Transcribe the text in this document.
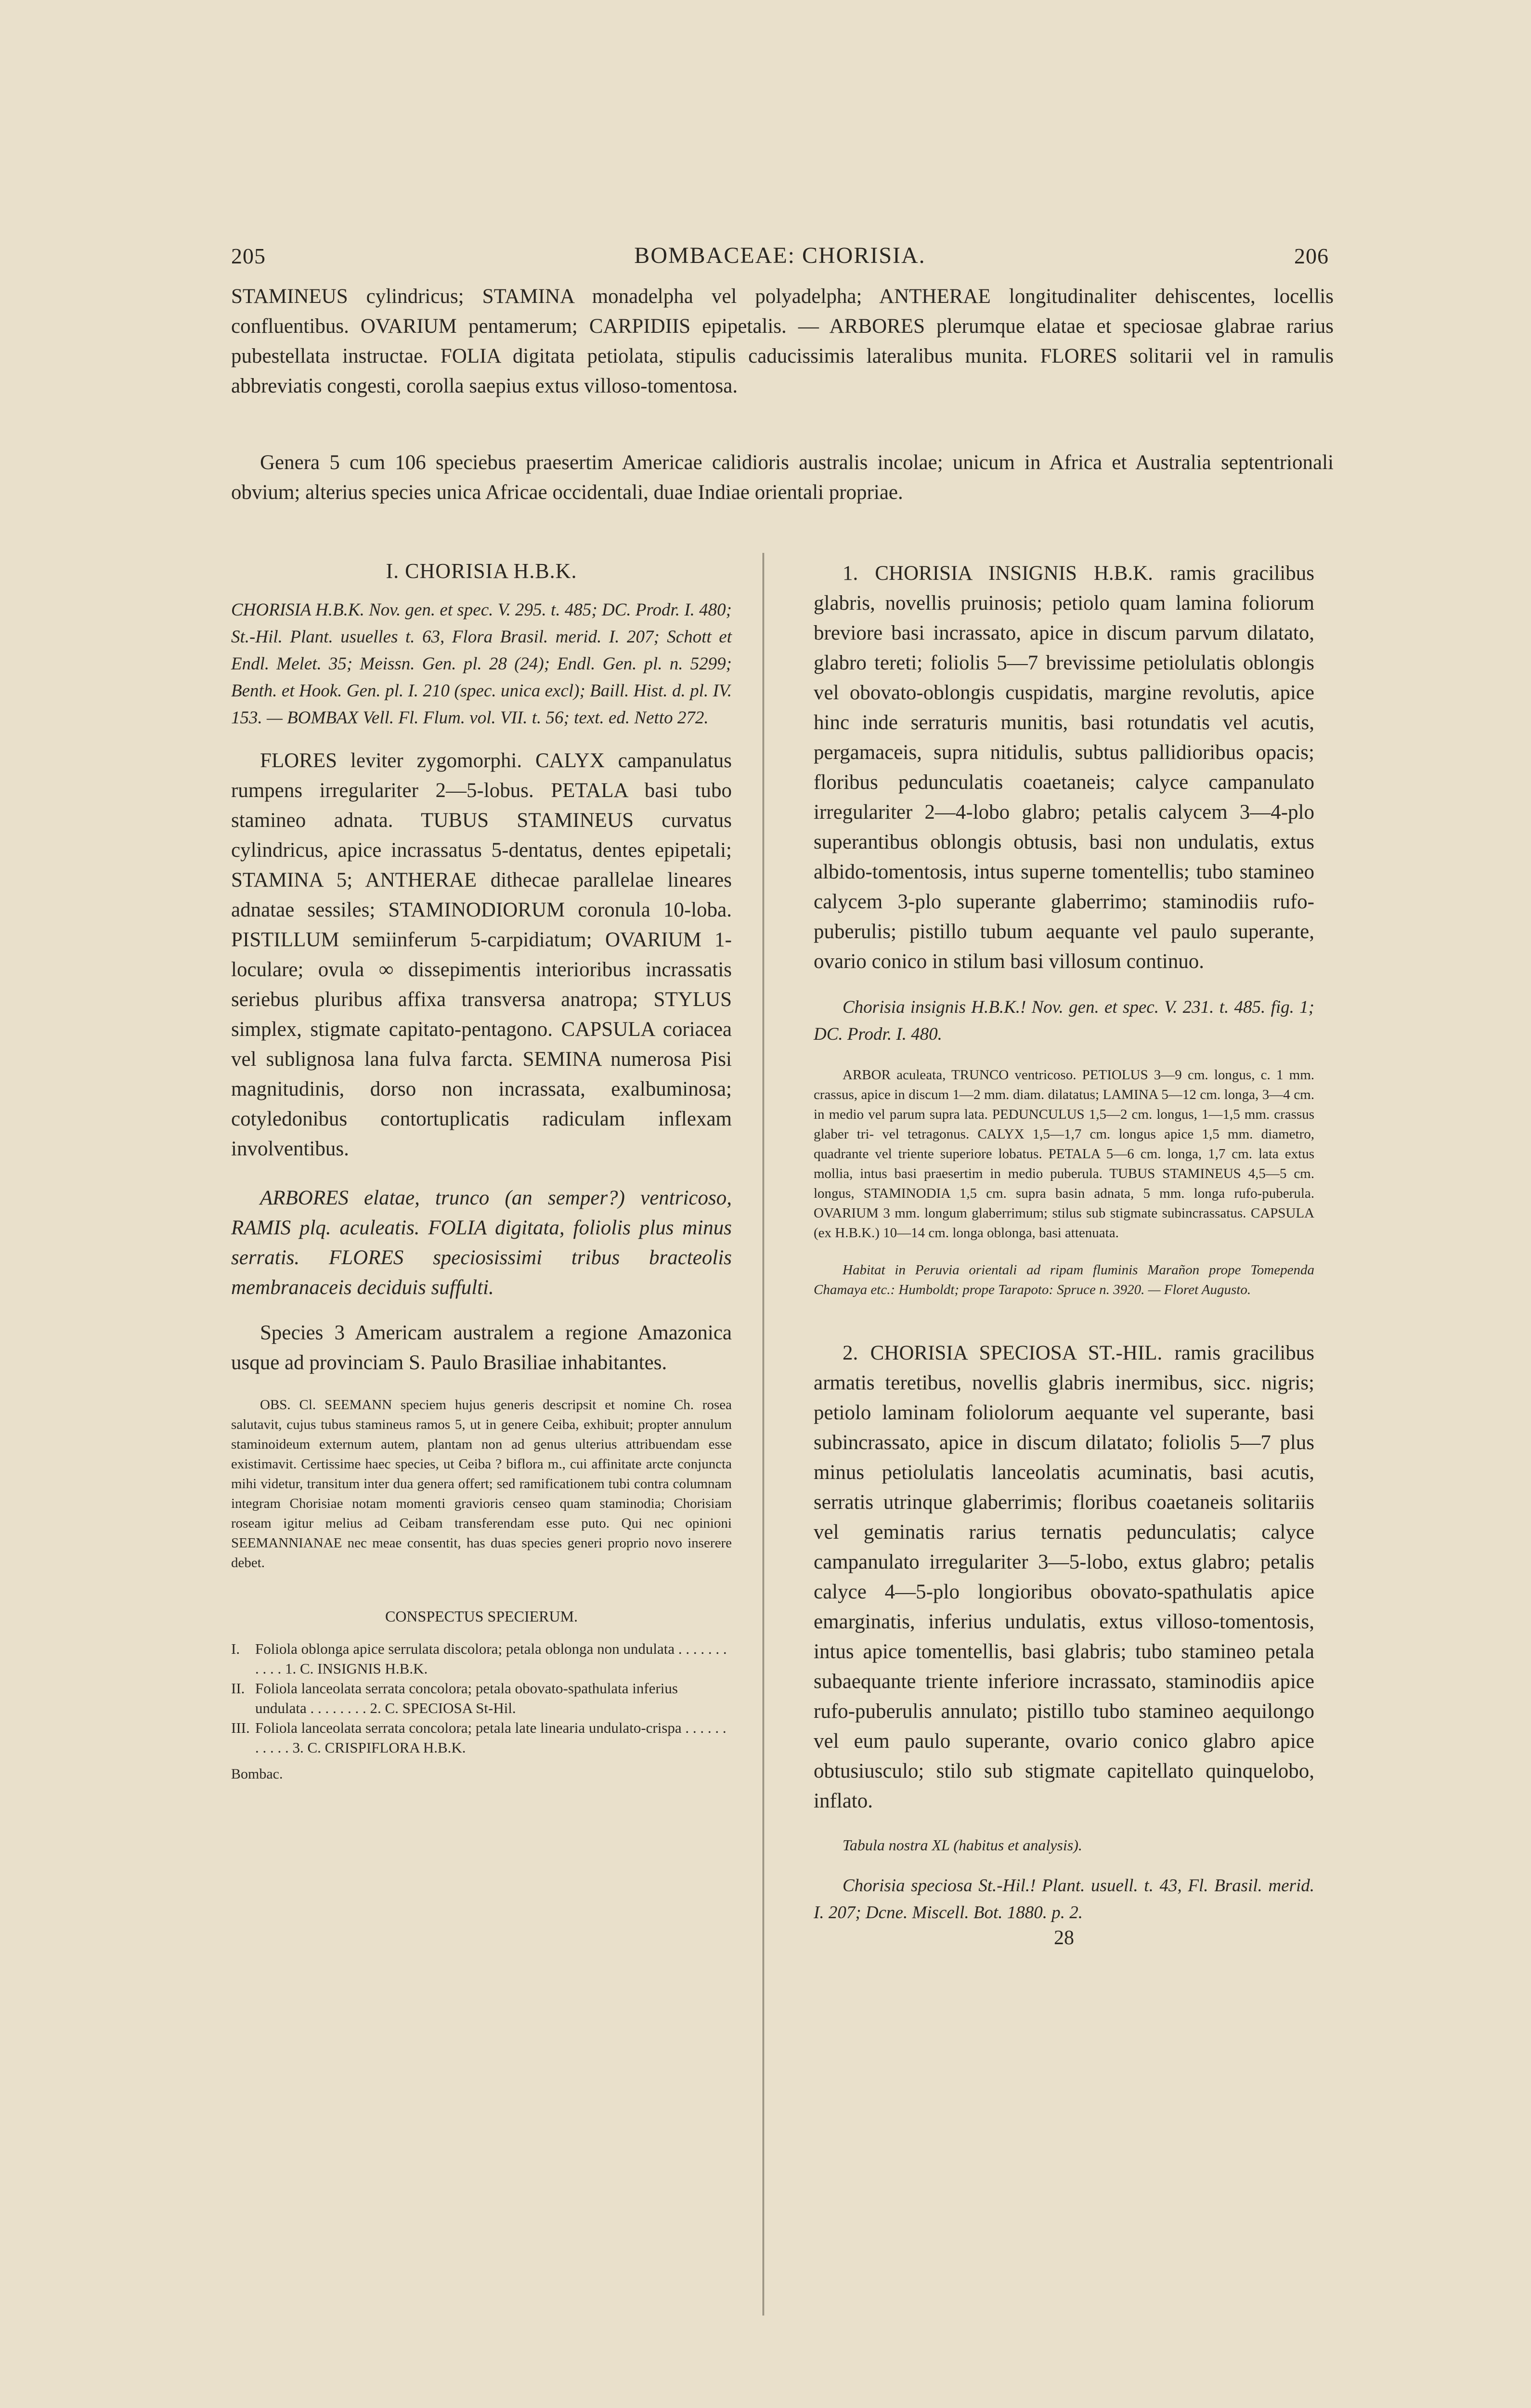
205	BOMBACEAE: CHORISIA.	206

STAMINEUS cylindricus; STAMINA monadelpha vel polyadelpha; ANTHERAE longitudinaliter dehiscentes, locellis confluentibus. OVARIUM pentamerum; CARPIDIIS epipetalis. — ARBORES plerumque elatae et speciosae glabrae rarius pubestellata instructae. FOLIA digitata petiolata, stipulis caducissimis lateralibus munita. FLORES solitarii vel in ramulis abbreviatis congesti, corolla saepius extus villoso-tomentosa.

Genera 5 cum 106 speciebus praesertim Americae calidioris australis incolae; unicum in Africa et Australia septentrionali obvium; alterius species unica Africae occidentali, duae Indiae orientali propriae.

I. CHORISIA H.B.K.

CHORISIA H.B.K. Nov. gen. et spec. V. 295. t. 485; DC. Prodr. I. 480; St.-Hil. Plant. usuelles t. 63, Flora Brasil. merid. I. 207; Schott et Endl. Melet. 35; Meissn. Gen. pl. 28 (24); Endl. Gen. pl. n. 5299; Benth. et Hook. Gen. pl. I. 210 (spec. unica excl); Baill. Hist. d. pl. IV. 153. — BOMBAX Vell. Fl. Flum. vol. VII. t. 56; text. ed. Netto 272.

FLORES leviter zygomorphi. CALYX campanulatus rumpens irregulariter 2—5-lobus. PETALA basi tubo stamineo adnata. TUBUS STAMINEUS curvatus cylindricus, apice incrassatus 5-dentatus, dentes epipetali; STAMINA 5; ANTHERAE dithecae parallelae lineares adnatae sessiles; STAMINODIORUM coronula 10-loba. PISTILLUM semiinferum 5-carpidiatum; OVARIUM 1-loculare; ovula ∞ dissepimentis interioribus incrassatis seriebus pluribus affixa transversa anatropa; STYLUS simplex, stigmate capitato-pentagono. CAPSULA coriacea vel sublignosa lana fulva farcta. SEMINA numerosa Pisi magnitudinis, dorso non incrassata, exalbuminosa; cotyledonibus contortuplicatis radiculam inflexam involventibus.

ARBORES elatae, trunco (an semper?) ventricoso, RAMIS plq. aculeatis. FOLIA digitata, foliolis plus minus serratis. FLORES speciosissimi tribus bracteolis membranaceis deciduis suffulti.

Species 3 Americam australem a regione Amazonica usque ad provinciam S. Paulo Brasiliae inhabitantes.

OBS. Cl. SEEMANN speciem hujus generis descripsit et nomine Ch. rosea salutavit, cujus tubus stamineus ramos 5, ut in genere Ceiba, exhibuit; propter annulum staminoideum externum autem, plantam non ad genus ulterius attribuendam esse existimavit. Certissime haec species, ut Ceiba ? biflora m., cui affinitate arcte conjuncta mihi videtur, transitum inter dua genera offert; sed ramificationem tubi contra columnam integram Chorisiae notam momenti gravioris censeo quam staminodia; Chorisiam roseam igitur melius ad Ceibam transferendam esse puto. Qui nec opinioni SEEMANNIANAE nec meae consentit, has duas species generi proprio novo inserere debet.

CONSPECTUS SPECIERUM.

I.	Foliola oblonga apice serrulata discolora; petala oblonga non undulata . . . . . . . . . . . 1. C. INSIGNIS H.B.K.
II. Foliola lanceolata serrata concolora; petala obovato-spathulata inferius undulata . . . . . . . . 2. C. SPECIOSA St-Hil.
III. Foliola lanceolata serrata concolora; petala late linearia undulato-crispa . . . . . . . . . . . 3. C. CRISPIFLORA H.B.K.

Bombac.

1. CHORISIA INSIGNIS H.B.K. ramis gracilibus glabris, novellis pruinosis; petiolo quam lamina foliorum breviore basi incrassato, apice in discum parvum dilatato, glabro tereti; foliolis 5—7 brevissime petiolulatis oblongis vel obovato-oblongis cuspidatis, margine revolutis, apice hinc inde serraturis munitis, basi rotundatis vel acutis, pergamaceis, supra nitidulis, subtus pallidioribus opacis; floribus pedunculatis coaetaneis; calyce campanulato irregulariter 2—4-lobo glabro; petalis calycem 3—4-plo superantibus oblongis obtusis, basi non undulatis, extus albido-tomentosis, intus superne tomentellis; tubo stamineo calycem 3-plo superante glaberrimo; staminodiis rufo-puberulis; pistillo tubum aequante vel paulo superante, ovario conico in stilum basi villosum continuo.

Chorisia insignis H.B.K.! Nov. gen. et spec. V. 231. t. 485. fig. 1; DC. Prodr. I. 480.

ARBOR aculeata, TRUNCO ventricoso. PETIOLUS 3—9 cm. longus, c. 1 mm. crassus, apice in discum 1—2 mm. diam. dilatatus; LAMINA 5—12 cm. longa, 3—4 cm. in medio vel parum supra lata. PEDUNCULUS 1,5—2 cm. longus, 1—1,5 mm. crassus glaber tri- vel tetragonus. CALYX 1,5—1,7 cm. longus apice 1,5 mm. diametro, quadrante vel triente superiore lobatus. PETALA 5—6 cm. longa, 1,7 cm. lata extus mollia, intus basi praesertim in medio puberula. TUBUS STAMINEUS 4,5—5 cm. longus, STAMINODIA 1,5 cm. supra basin adnata, 5 mm. longa rufo-puberula. OVARIUM 3 mm. longum glaberrimum; stilus sub stigmate subincrassatus. CAPSULA (ex H.B.K.) 10—14 cm. longa oblonga, basi attenuata.

Habitat in Peruvia orientali ad ripam fluminis Marañon prope Tomependa Chamaya etc.: Humboldt; prope Tarapoto: Spruce n. 3920. — Floret Augusto.

2. CHORISIA SPECIOSA ST.-HIL. ramis gracilibus armatis teretibus, novellis glabris inermibus, sicc. nigris; petiolo laminam foliolorum aequante vel superante, basi subincrassato, apice in discum dilatato; foliolis 5—7 plus minus petiolulatis lanceolatis acuminatis, basi acutis, serratis utrinque glaberrimis; floribus coaetaneis solitariis vel geminatis rarius ternatis pedunculatis; calyce campanulato irregulariter 3—5-lobo, extus glabro; petalis calyce 4—5-plo longioribus obovato-spathulatis apice emarginatis, inferius undulatis, extus villoso-tomentosis, intus apice tomentellis, basi glabris; tubo stamineo petala subaequante triente inferiore incrassato, staminodiis apice rufo-puberulis annulato; pistillo tubo stamineo aequilongo vel eum paulo superante, ovario conico glabro apice obtusiusculo; stilo sub stigmate capitellato quinquelobo, inflato.

Tabula nostra XL (habitus et analysis).

Chorisia speciosa St.-Hil.! Plant. usuell. t. 43, Fl. Brasil. merid. I. 207; Dcne. Miscell. Bot. 1880. p. 2.

28
